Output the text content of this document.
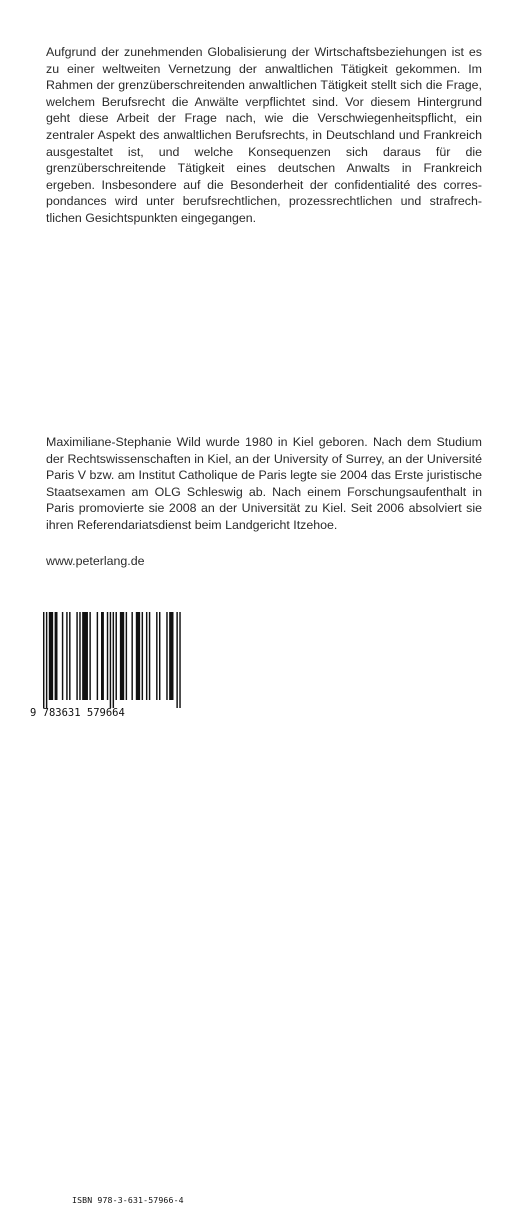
Aufgrund der zunehmenden Globalisierung der Wirtschaftsbeziehungen ist es zu einer weltweiten Vernetzung der anwaltlichen Tätigkeit gekommen. Im Rahmen der grenzüberschreitenden anwaltlichen Tätigkeit stellt sich die Frage, welchem Berufsrecht die Anwälte verpflichtet sind. Vor diesem Hintergrund geht diese Arbeit der Frage nach, wie die Verschwiegenheitspflicht, ein zentraler Aspekt des anwaltlichen Berufsrechts, in Deutschland und Frankreich ausgestaltet ist, und welche Konsequenzen sich daraus für die grenzüberschreitende Tätigkeit eines deutschen Anwalts in Frankreich ergeben. Insbesondere auf die Besonderheit der confidentialité des correspondances wird unter berufsrechtlichen, prozessrechtlichen und strafrechtlichen Gesichtspunkten eingegangen.

Maximiliane-Stephanie Wild wurde 1980 in Kiel geboren. Nach dem Studium der Rechtswissenschaften in Kiel, an der University of Surrey, an der Université Paris V bzw. am Institut Catholique de Paris legte sie 2004 das Erste juristische Staatsexamen am OLG Schleswig ab. Nach einem Forschungsaufenthalt in Paris promovierte sie 2008 an der Universität zu Kiel. Seit 2006 absolviert sie ihren Referendariatsdienst beim Landgericht Itzehoe.

www.peterlang.de

ISBN 978-3-631-57966-4
9 783631 579664
